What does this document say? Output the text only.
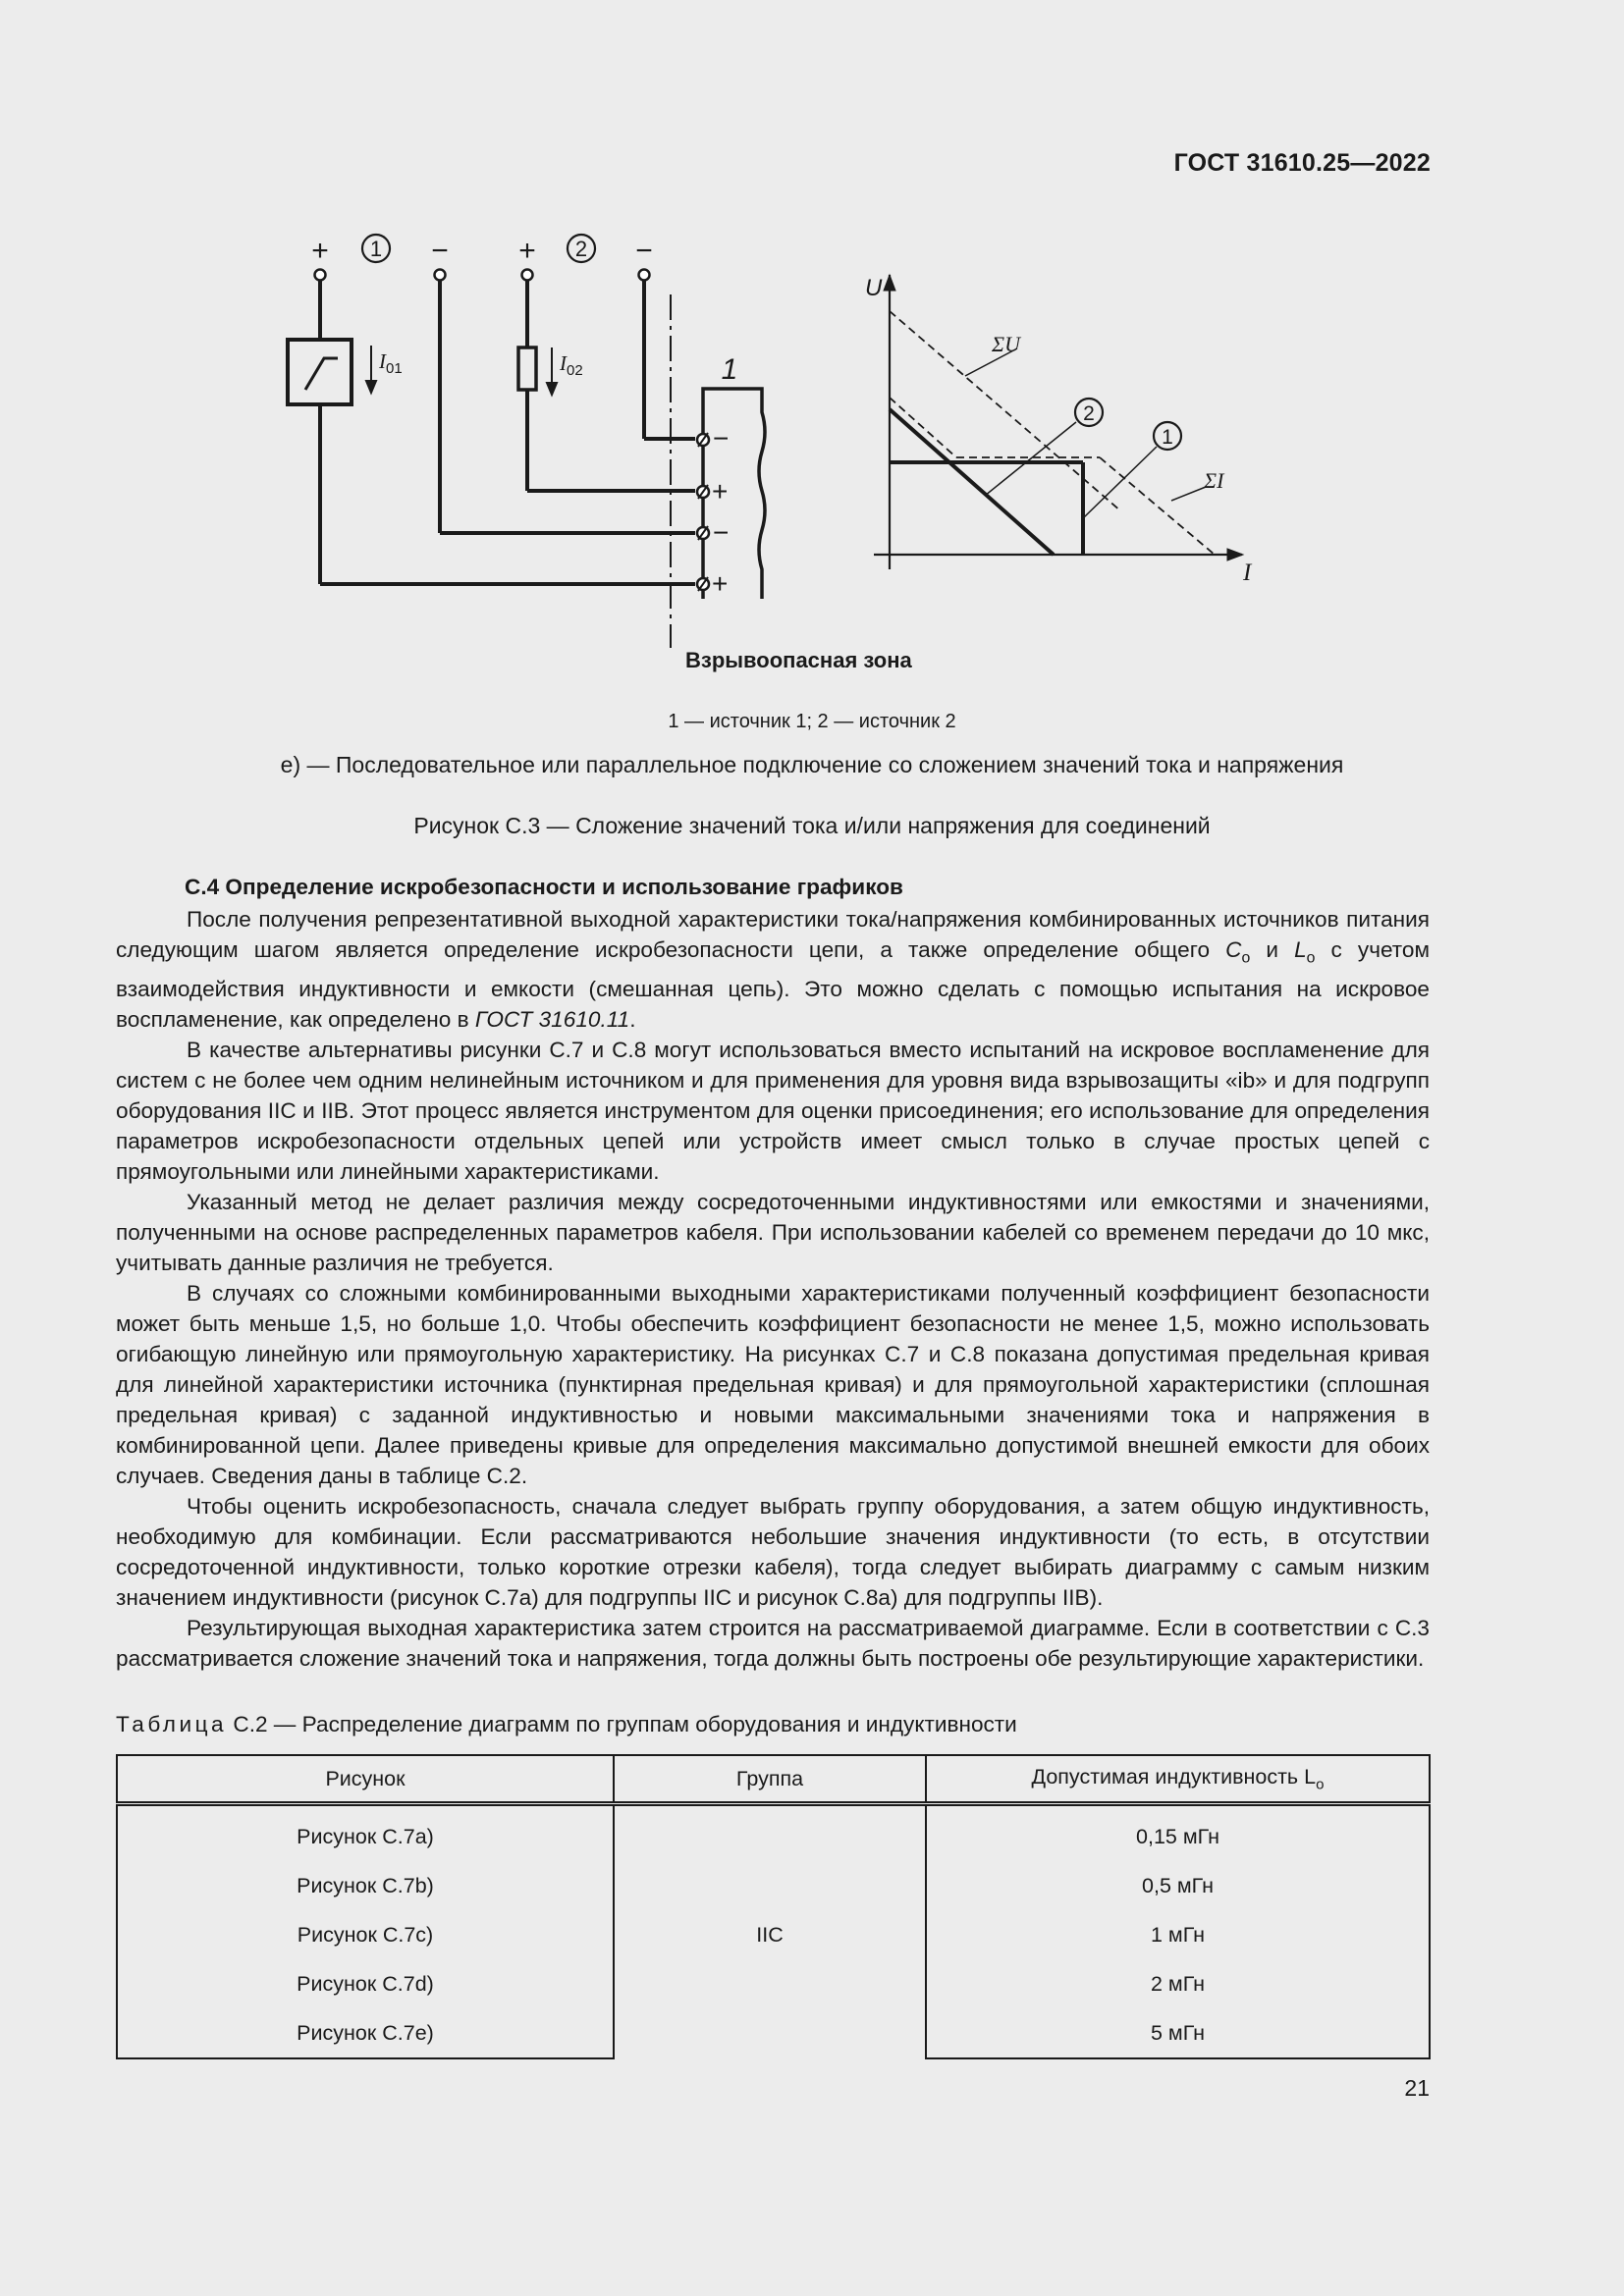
ГОСТ 31610.25—2022
+	− +	−
1	2
$I_{01}$	$I_{02}$	1
−
+
−
+
Взрывоопасная зона
U
I
ΣU
ΣI
2
1
1 — источник 1; 2 — источник 2
e) — Последовательное или параллельное подключение со сложением значений тока и напряжения
Рисунок С.3 — Сложение значений тока и/или напряжения для соединений
С.4 Определение искробезопасности и использование графиков

После получения репрезентативной выходной характеристики тока/напряжения комбинированных источников питания следующим шагом является определение искробезопасности цепи, а также определение общего $C_o$ и $L_o$ с учетом взаимодействия индуктивности и емкости (смешанная цепь). Это можно сделать с помощью испытания на искровое воспламенение, как определено в ГОСТ 31610.11.

В качестве альтернативы рисунки С.7 и С.8 могут использоваться вместо испытаний на искровое воспламенение для систем с не более чем одним нелинейным источником и для применения для уровня вида взрывозащиты «ib» и для подгрупп оборудования IIC и IIB. Этот процесс является инструментом для оценки присоединения; его использование для определения параметров искробезопасности отдельных цепей или устройств имеет смысл только в случае простых цепей с прямоугольными или линейными характеристиками.

Указанный метод не делает различия между сосредоточенными индуктивностями или емкостями и значениями, полученными на основе распределенных параметров кабеля. При использовании кабелей со временем передачи до 10 мкс, учитывать данные различия не требуется.

В случаях со сложными комбинированными выходными характеристиками полученный коэффициент безопасности может быть меньше 1,5, но больше 1,0. Чтобы обеспечить коэффициент безопасности не менее 1,5, можно использовать огибающую линейную или прямоугольную характеристику. На рисунках С.7 и С.8 показана допустимая предельная кривая для линейной характеристики источника (пунктирная предельная кривая) и для прямоугольной характеристики (сплошная предельная кривая) с заданной индуктивностью и новыми максимальными значениями тока и напряжения в комбинированной цепи. Далее приведены кривые для определения максимально допустимой внешней емкости для обоих случаев. Сведения даны в таблице С.2.

Чтобы оценить искробезопасность, сначала следует выбрать группу оборудования, а затем общую индуктивность, необходимую для комбинации. Если рассматриваются небольшие значения индуктивности (то есть, в отсутствии сосредоточенной индуктивности, только короткие отрезки кабеля), тогда следует выбирать диаграмму с самым низким значением индуктивности (рисунок С.7a) для подгруппы IIC и рисунок С.8a) для подгруппы IIB).

Результирующая выходная характеристика затем строится на рассматриваемой диаграмме. Если в соответствии с С.3 рассматривается сложение значений тока и напряжения, тогда должны быть построены обе результирующие характеристики.

Таблица С.2 — Распределение диаграмм по группам оборудования и индуктивности
Рисунок	Группа	Допустимая индуктивность $L_o$
Рисунок С.7a)	IIC	0,15 мГн
Рисунок С.7b)		0,5 мГн
Рисунок С.7c)		1 мГн
Рисунок С.7d)		2 мГн
Рисунок С.7e)		5 мГн
21
